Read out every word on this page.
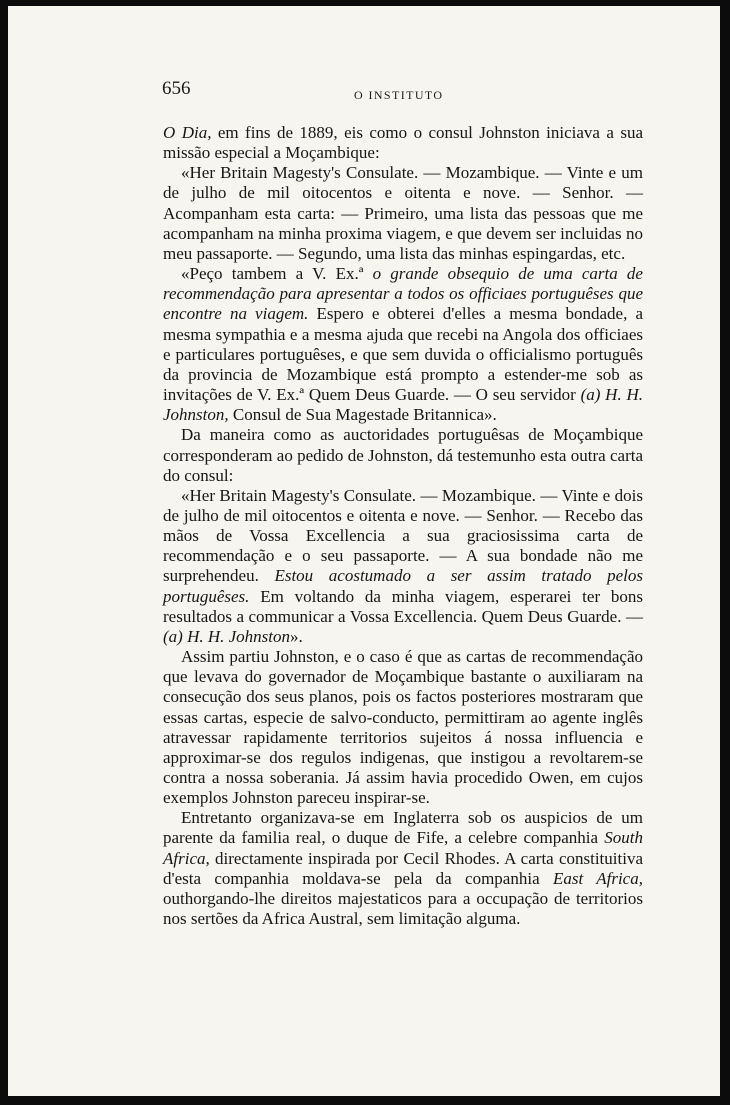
656	O INSTITUTO

O Dia, em fins de 1889, eis como o consul Johnston iniciava a sua missão especial a Moçambique:

«Her Britain Magesty's Consulate. — Mozambique. — Vinte e um de julho de mil oitocentos e oitenta e nove. — Senhor. — Acompanham esta carta: — Primeiro, uma lista das pessoas que me acompanham na minha proxima viagem, e que devem ser incluidas no meu passaporte. — Segundo, uma lista das minhas espingardas, etc.

«Peço tambem a V. Ex.ª o grande obsequio de uma carta de recommendação para apresentar a todos os officiaes portuguêses que encontre na viagem. Espero e obterei d'elles a mesma bondade, a mesma sympathia e a mesma ajuda que recebi na Angola dos officiaes e particulares portuguêses, e que sem duvida o officialismo português da provincia de Mozambique está prompto a estender-me sob as invitações de V. Ex.ª Quem Deus Guarde. — O seu servidor (a) H. H. Johnston, Consul de Sua Magestade Britannica».

Da maneira como as auctoridades portuguêsas de Moçambique corresponderam ao pedido de Johnston, dá testemunho esta outra carta do consul:

«Her Britain Magesty's Consulate. — Mozambique. — Vinte e dois de julho de mil oitocentos e oitenta e nove. — Senhor. — Recebo das mãos de Vossa Excellencia a sua graciosissima carta de recommendação e o seu passaporte. — A sua bondade não me surprehendeu. Estou acostumado a ser assim tratado pelos portuguêses. Em voltando da minha viagem, esperarei ter bons resultados a communicar a Vossa Excellencia. Quem Deus Guarde. — (a) H. H. Johnston».

Assim partiu Johnston, e o caso é que as cartas de recommendação que levava do governador de Moçambique bastante o auxiliaram na consecução dos seus planos, pois os factos posteriores mostraram que essas cartas, especie de salvo-conducto, permittiram ao agente inglês atravessar rapidamente territorios sujeitos á nossa influencia e approximar-se dos regulos indigenas, que instigou a revoltarem-se contra a nossa soberania. Já assim havia procedido Owen, em cujos exemplos Johnston pareceu inspirar-se.

Entretanto organizava-se em Inglaterra sob os auspicios de um parente da familia real, o duque de Fife, a celebre companhia South Africa, directamente inspirada por Cecil Rhodes. A carta constituitiva d'esta companhia moldava-se pela da companhia East Africa, outhorgando-lhe direitos majestaticos para a occupação de territorios nos sertões da Africa Austral, sem limitação alguma.
